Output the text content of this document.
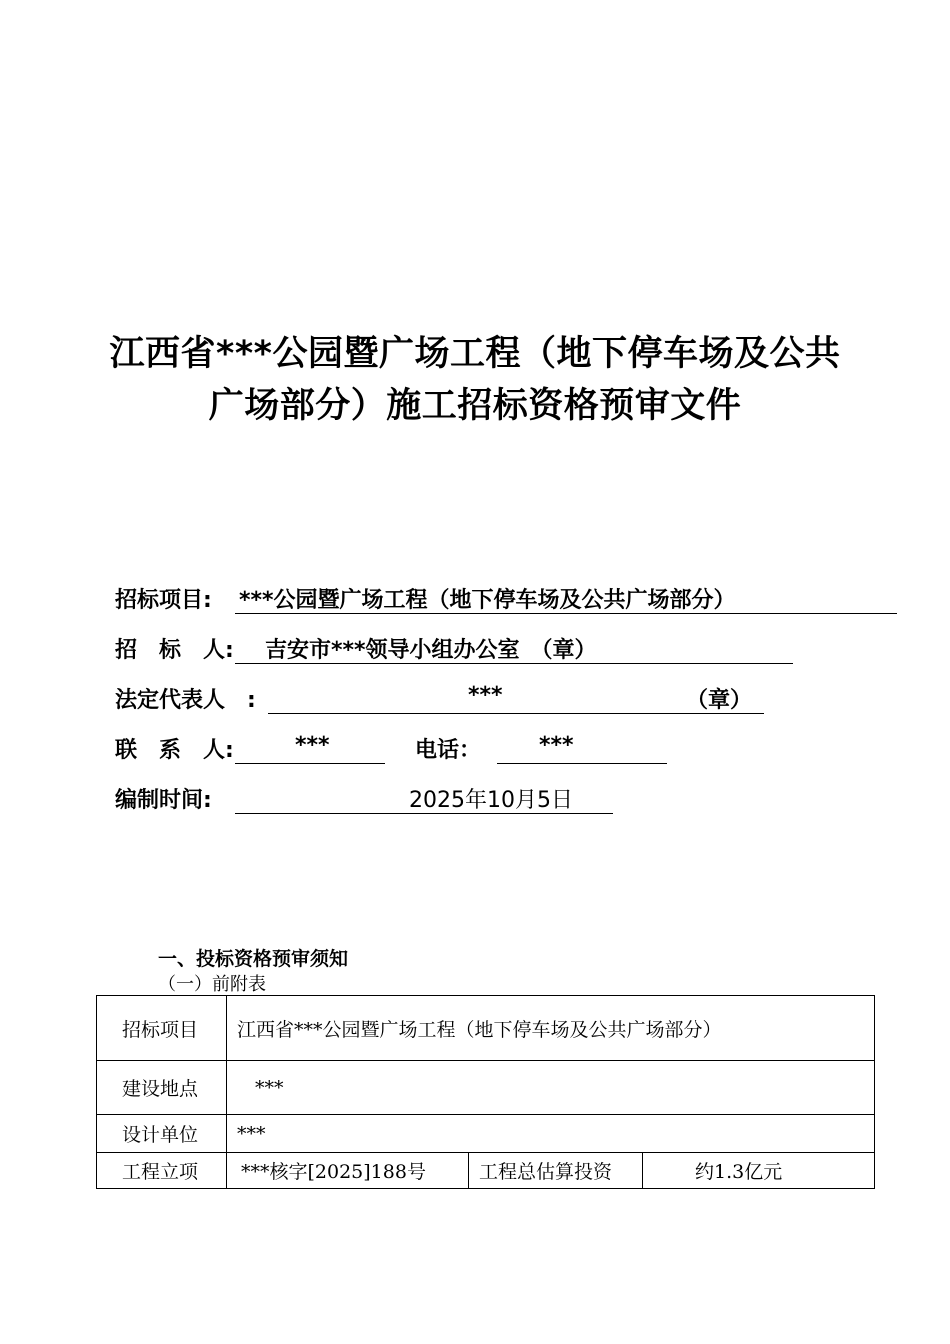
江西省***公园暨广场工程（地下停车场及公共
广场部分）施工招标资格预审文件
招标项目: ***公园暨广场工程（地下停车场及公共广场部分）
招　标　人: 吉安市***领导小组办公室　（章）
法定代表人　:	***	（章）
联　系　人:	***	电话：	***
编制时间:	2025年10月5日
一、投标资格预审须知
（一）前附表
招标项目	江西省***公园暨广场工程（地下停车场及公共广场部分）		
建设地点	***		
设计单位	***		
工程立项	***核字[2025]188号	工程总估算投资	约1.3亿元
